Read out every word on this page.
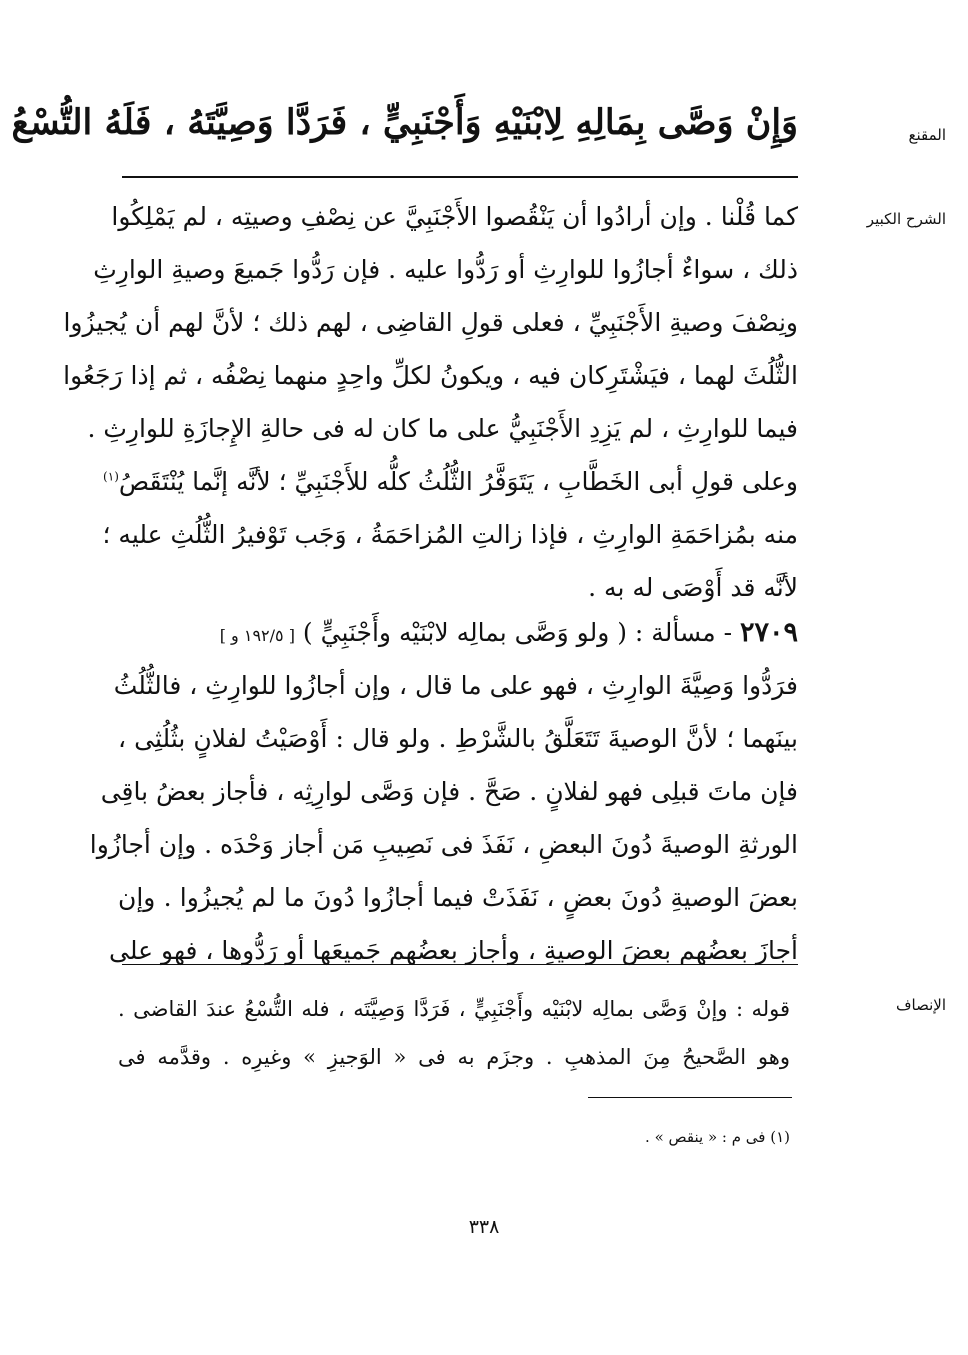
المقنع
وَإِنْ وَصَّى بِمَالِهِ لِابْنَيْهِ وَأَجْنَبِيٍّ ، فَرَدَّا وَصِيَّتَهُ ، فَلَهُ التُّسْعُ
الشرح الكبير
كما قُلْنا . وإن أرادُوا أن يَنْقُصوا الأَجْنَبِيَّ عن نِصْفِ وصيتِه ، لم يَمْلِكُوا
ذلك ، سواءٌ أجازُوا للوارِثِ أو رَدُّوا عليه . فإن رَدُّوا جَميعَ وصيةِ الوارِثِ
ونِصْفَ وصيةِ الأَجْنَبِيِّ ، فعلى قولِ القاضِى ، لهم ذلك ؛ لأنَّ لهم أن يُجيزُوا
الثُّلُثَ لهما ، فيَشْتَرِكان فيه ، ويكونُ لكلِّ واحِدٍ منهما نِصْفُه ، ثم إذا رَجَعُوا
فيما للوارِثِ ، لم يَزِدِ الأَجْنَبِيُّ على ما كان له فى حالةِ الإِجازَةِ للوارِثِ .
وعلى قولِ أبى الخَطَّابِ ، يَتَوَفَّرُ الثُّلُثُ كلُّه للأَجْنَبِيِّ ؛ لأنَّه إنَّما يُنْتَقَصُ$^{(١)}$
منه بمُزاحَمَةِ الوارِثِ ، فإذا زالتِ المُزاحَمَةُ ، وَجَب تَوْفيرُ الثُّلُثِ عليه ؛
لأنَّه قد أَوْصَى له به .
٢٧٠٩ - مسألة : ( ولو وَصَّى بمالِه لابْنَيْه وأَجْنَبِيٍّ ) [ ١٩٢/٥ و ]
فرَدُّوا وَصِيَّةَ الوارِثِ ، فهو على ما قال ، وإن أجازُوا للوارِثِ ، فالثُّلُثُ
بينَهما ؛ لأنَّ الوصيةَ تَتَعَلَّقُ بالشَّرْطِ . ولو قال : أَوْصَيْتُ لفلانٍ بثُلُثِى ،
فإن ماتَ قبلِى فهو لفلانٍ . صَحَّ . فإن وَصَّى لوارِثِه ، فأجاز بعضُ باقِى
الورثةِ الوصيةَ دُونَ البعضِ ، نَفَذَ فى نَصِيبِ مَن أجاز وَحْدَه . وإن أجازُوا
بعضَ الوصيةِ دُونَ بعضٍ ، نَفَذَتْ فيما أجازُوا دُونَ ما لم يُجيزُوا . وإن
أجازَ بعضُهم بعضَ الوصيةِ ، وأجاز بعضُهم جَميعَها أو رَدُّوها ، فهو على
الإنصاف
قوله : وإنْ وَصَّى بمالِه لابْنَيْه وأَجْنَبِيٍّ ، فَرَدَّا وَصِيَّتَه ، فله التُّسْعُ عندَ القاضى .
وهو الصَّحيحُ مِنَ المذهبِ . وجزَم به فى « الوَجيزِ » وغيرِه . وقدَّمه فى
(١) فى م : « ينقص » .
٣٣٨
